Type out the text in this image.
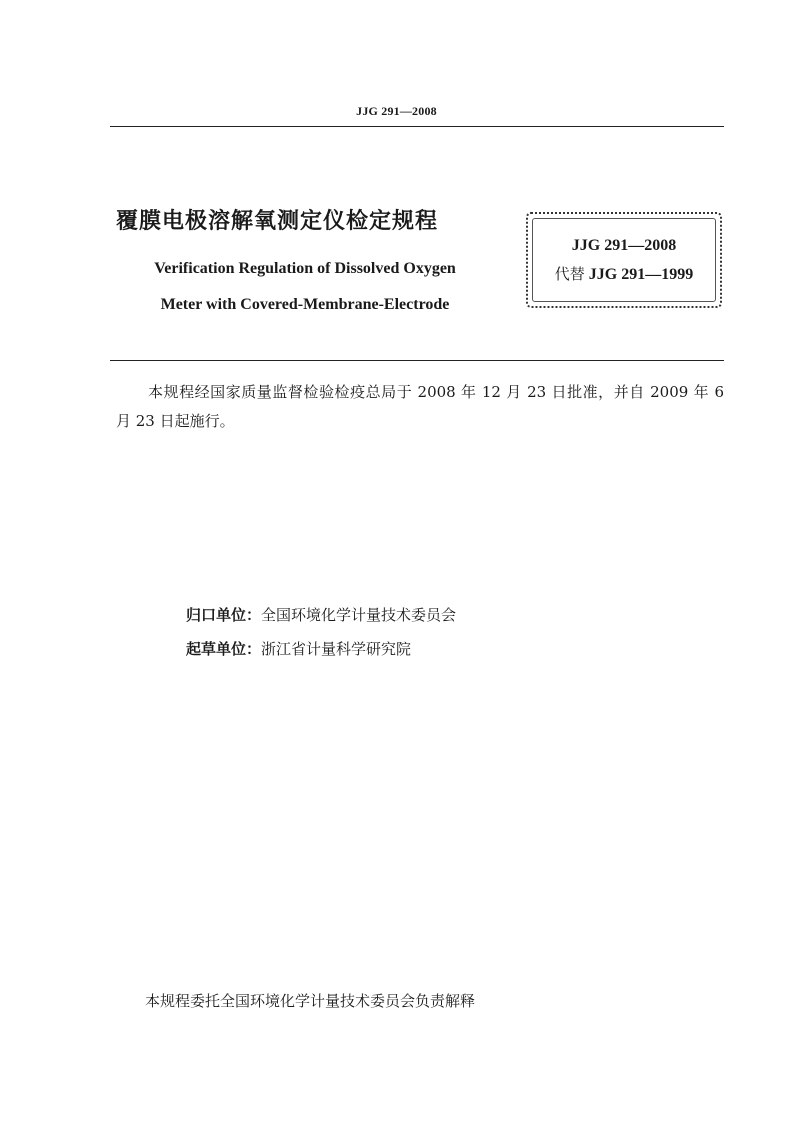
JJG 291—2008
覆膜电极溶解氧测定仪检定规程
Verification Regulation of Dissolved Oxygen
Meter with Covered-Membrane-Electrode
JJG 291—2008
代替 JJG 291—1999
本规程经国家质量监督检验检疫总局于 2008 年 12 月 23 日批准，并自 2009 年 6 月 23 日起施行。
归口单位：全国环境化学计量技术委员会
起草单位：浙江省计量科学研究院
本规程委托全国环境化学计量技术委员会负责解释
